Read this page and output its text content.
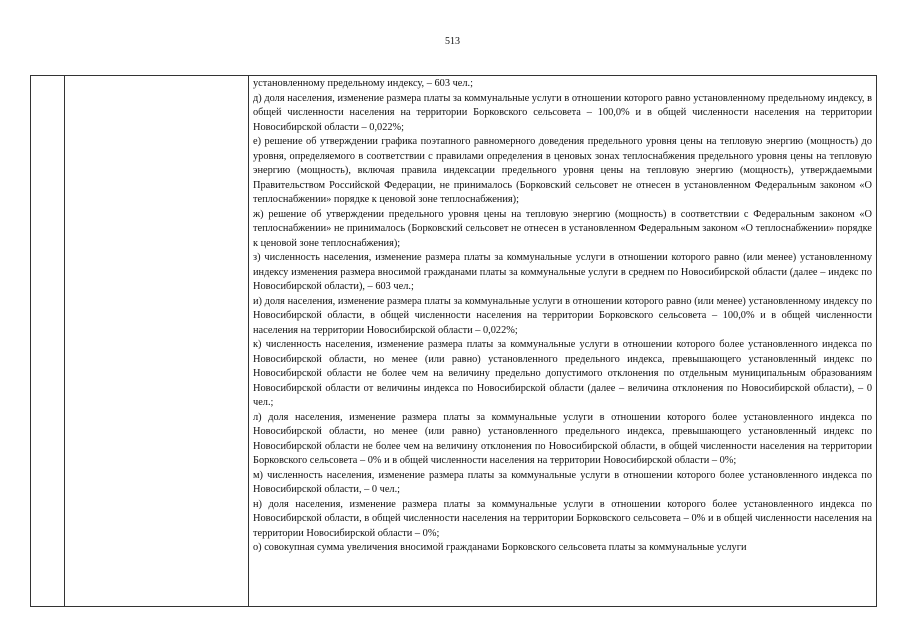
513

установленному предельному индексу, – 603 чел.;

д) доля населения, изменение размера платы за коммунальные услуги в отношении которого равно установленному предельному индексу, в общей численности населения на территории Борковского сельсовета – 100,0% и в общей численности населения на территории Новосибирской области – 0,022%;

е) решение об утверждении графика поэтапного равномерного доведения предельного уровня цены на тепловую энергию (мощность) до уровня, определяемого в соответствии с правилами определения в ценовых зонах теплоснабжения предельного уровня цены на тепловую энергию (мощность), включая правила индексации предельного уровня цены на тепловую энергию (мощность), утверждаемыми Правительством Российской Федерации, не принималось (Борковский сельсовет не отнесен в установленном Федеральным законом «О теплоснабжении» порядке к ценовой зоне теплоснабжения);

ж) решение об утверждении предельного уровня цены на тепловую энергию (мощность) в соответствии с Федеральным законом «О теплоснабжении» не принималось (Борковский сельсовет не отнесен в установленном Федеральным законом «О теплоснабжении» порядке к ценовой зоне теплоснабжения);

з) численность населения, изменение размера платы за коммунальные услуги в отношении которого равно (или менее) установленному индексу изменения размера вносимой гражданами платы за коммунальные услуги в среднем по Новосибирской области (далее – индекс по Новосибирской области), – 603 чел.;

и) доля населения, изменение размера платы за коммунальные услуги в отношении которого равно (или менее) установленному индексу по Новосибирской области, в общей численности населения на территории Борковского сельсовета – 100,0% и в общей численности населения на территории Новосибирской области – 0,022%;

к) численность населения, изменение размера платы за коммунальные услуги в отношении которого более установленного индекса по Новосибирской области, но менее (или равно) установленного предельного индекса, превышающего установленный индекс по Новосибирской области не более чем на величину предельно допустимого отклонения по отдельным муниципальным образованиям Новосибирской области от величины индекса по Новосибирской области (далее – величина отклонения по Новосибирской области), – 0 чел.;

л) доля населения, изменение размера платы за коммунальные услуги в отношении которого более установленного индекса по Новосибирской области, но менее (или равно) установленного предельного индекса, превышающего установленный индекс по Новосибирской области не более чем на величину отклонения по Новосибирской области, в общей численности населения на территории Борковского сельсовета – 0% и в общей численности населения на территории Новосибирской области – 0%;

м) численность населения, изменение размера платы за коммунальные услуги в отношении которого более установленного индекса по Новосибирской области, – 0 чел.;

н) доля населения, изменение размера платы за коммунальные услуги в отношении которого более установленного индекса по Новосибирской области, в общей численности населения на территории Борковского сельсовета – 0% и в общей численности населения на территории Новосибирской области – 0%;

о) совокупная сумма увеличения вносимой гражданами Борковского сельсовета платы за коммунальные услуги
